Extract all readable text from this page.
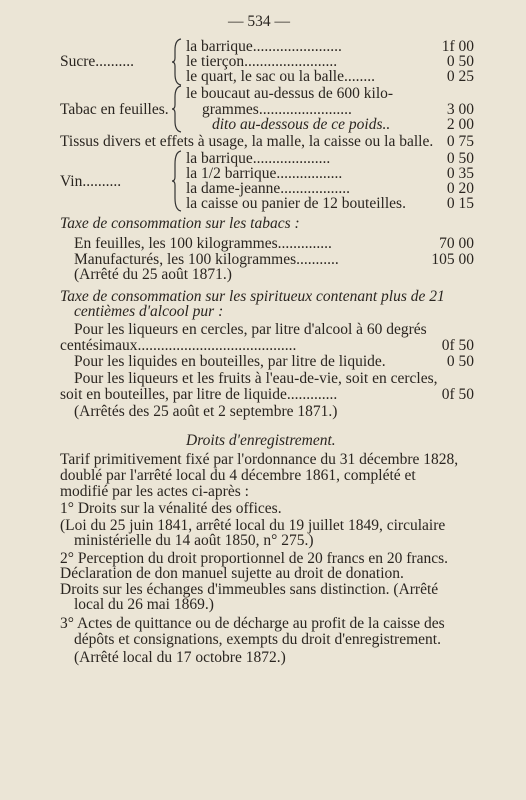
— 534 —
Sucre..........
la barrique.......................	1f 00
le tierçon........................	0 50
le quart, le sac ou la balle........	0 25
Tabac en feuilles.
le boucaut au-dessus de 600 kilo-
grammes........................	3 00
dito au-dessous de ce poids..	2 00
Tissus divers et effets à usage, la malle, la caisse ou la balle. 0 75
Vin..........
la barrique....................	0 50
la 1/2 barrique.................	0 35
la dame-jeanne..................	0 20
la caisse ou panier de 12 bouteilles.	0 15
Taxe de consommation sur les tabacs :
En feuilles, les 100 kilogrammes..............	70 00
Manufacturés, les 100 kilogrammes...........	105 00
(Arrêté du 25 août 1871.)
Taxe de consommation sur les spiritueux contenant plus de 21
centièmes d'alcool pur :
Pour les liqueurs en cercles, par litre d'alcool à 60 degrés
centésimaux.........................................	0f 50
Pour les liquides en bouteilles, par litre de liquide.	0 50
Pour les liqueurs et les fruits à l'eau-de-vie, soit en cercles,
soit en bouteilles, par litre de liquide.............	0f 50
(Arrêtés des 25 août et 2 septembre 1871.)
Droits d'enregistrement.
Tarif primitivement fixé par l'ordonnance du 31 décembre 1828,
doublé par l'arrêté local du 4 décembre 1861, complété et
modifié par les actes ci-après :
1° Droits sur la vénalité des offices.
(Loi du 25 juin 1841, arrêté local du 19 juillet 1849, circulaire
ministérielle du 14 août 1850, n° 275.)
2° Perception du droit proportionnel de 20 francs en 20 francs.
Déclaration de don manuel sujette au droit de donation.
Droits sur les échanges d'immeubles sans distinction. (Arrêté
local du 26 mai 1869.)
3° Actes de quittance ou de décharge au profit de la caisse des
dépôts et consignations, exempts du droit d'enregistrement.
(Arrêté local du 17 octobre 1872.)
